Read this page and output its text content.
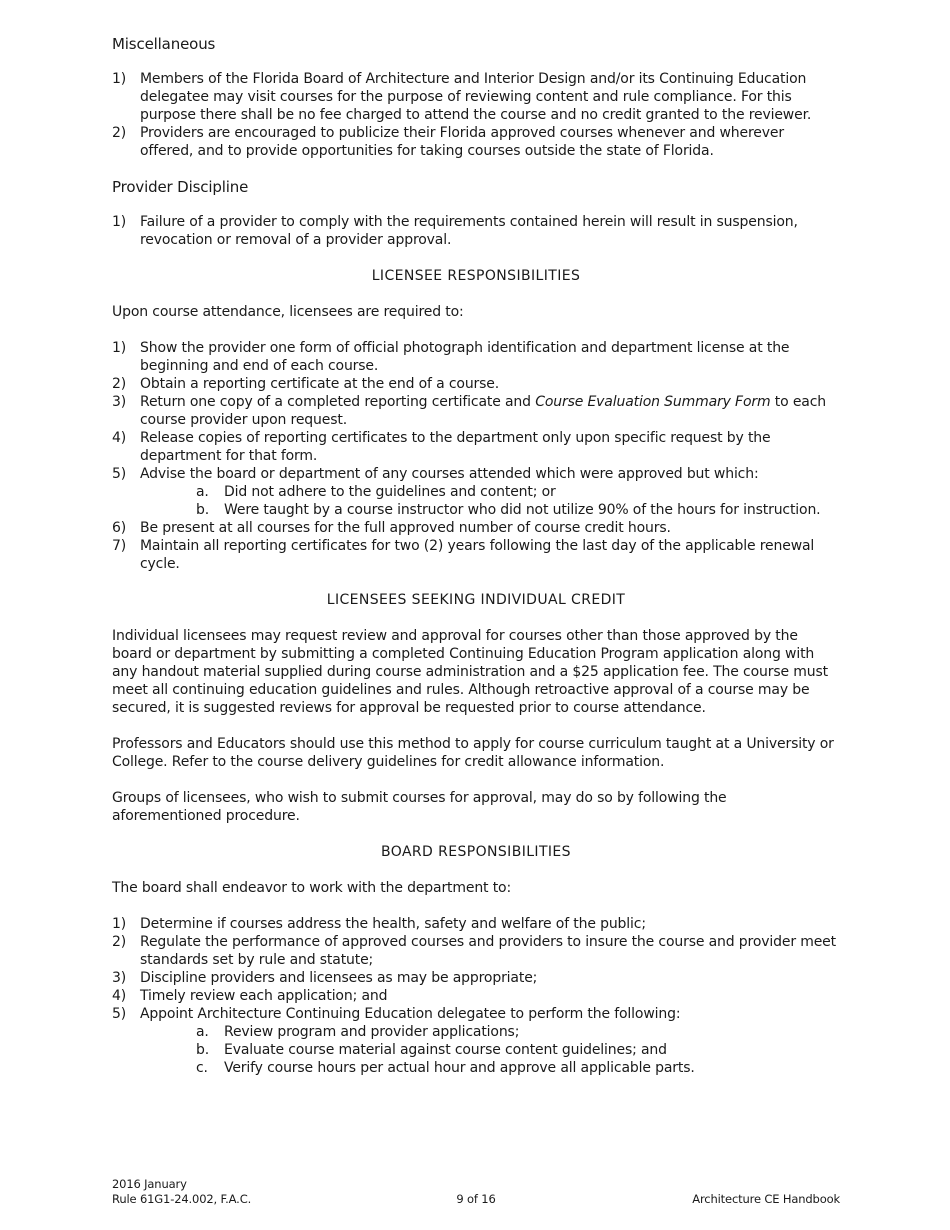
Miscellaneous
1) Members of the Florida Board of Architecture and Interior Design and/or its Continuing Education delegatee may visit courses for the purpose of reviewing content and rule compliance. For this purpose there shall be no fee charged to attend the course and no credit granted to the reviewer.
2) Providers are encouraged to publicize their Florida approved courses whenever and wherever offered, and to provide opportunities for taking courses outside the state of Florida.
Provider Discipline
1) Failure of a provider to comply with the requirements contained herein will result in suspension, revocation or removal of a provider approval.
LICENSEE RESPONSIBILITIES
Upon course attendance, licensees are required to:
1) Show the provider one form of official photograph identification and department license at the beginning and end of each course.
2) Obtain a reporting certificate at the end of a course.
3) Return one copy of a completed reporting certificate and Course Evaluation Summary Form to each course provider upon request.
4) Release copies of reporting certificates to the department only upon specific request by the department for that form.
5) Advise the board or department of any courses attended which were approved but which:
a. Did not adhere to the guidelines and content; or
b. Were taught by a course instructor who did not utilize 90% of the hours for instruction.
6) Be present at all courses for the full approved number of course credit hours.
7) Maintain all reporting certificates for two (2) years following the last day of the applicable renewal cycle.
LICENSEES SEEKING INDIVIDUAL CREDIT
Individual licensees may request review and approval for courses other than those approved by the board or department by submitting a completed Continuing Education Program application along with any handout material supplied during course administration and a $25 application fee. The course must meet all continuing education guidelines and rules. Although retroactive approval of a course may be secured, it is suggested reviews for approval be requested prior to course attendance.
Professors and Educators should use this method to apply for course curriculum taught at a University or College. Refer to the course delivery guidelines for credit allowance information.
Groups of licensees, who wish to submit courses for approval, may do so by following the aforementioned procedure.
BOARD RESPONSIBILITIES
The board shall endeavor to work with the department to:
1) Determine if courses address the health, safety and welfare of the public;
2) Regulate the performance of approved courses and providers to insure the course and provider meet standards set by rule and statute;
3) Discipline providers and licensees as may be appropriate;
4) Timely review each application; and
5) Appoint Architecture Continuing Education delegatee to perform the following:
a. Review program and provider applications;
b. Evaluate course material against course content guidelines; and
c. Verify course hours per actual hour and approve all applicable parts.
2016 January
Rule 61G1-24.002, F.A.C.	9 of 16	Architecture CE Handbook
